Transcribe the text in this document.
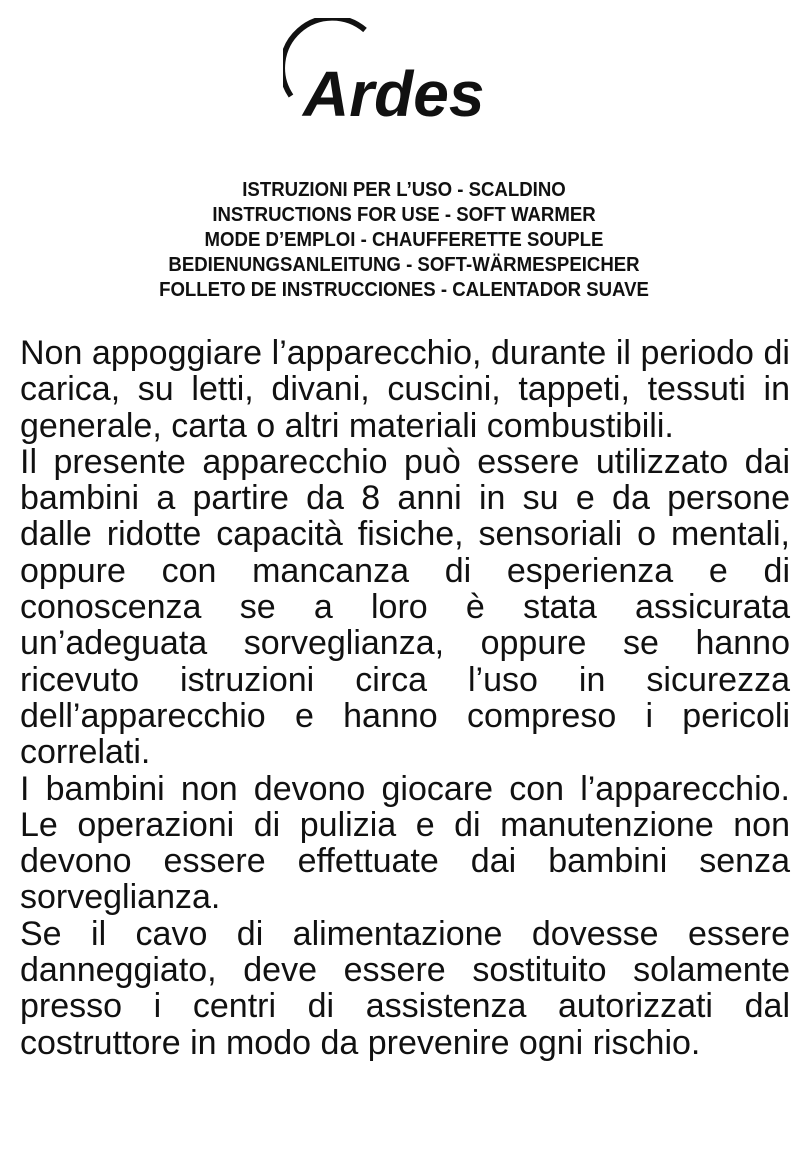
Ardes
ISTRUZIONI PER L’USO - SCALDINO
INSTRUCTIONS FOR USE - SOFT WARMER
MODE D’EMPLOI - CHAUFFERETTE SOUPLE
BEDIENUNGSANLEITUNG - SOFT-WÄRMESPEICHER
FOLLETO DE INSTRUCCIONES - CALENTADOR SUAVE

Non appoggiare l’apparecchio, durante il periodo di carica, su letti, divani, cuscini, tappeti, tessuti in generale, carta o altri materiali combustibili.

Il presente apparecchio può essere utilizzato dai bambini a partire da 8 anni in su e da persone dalle ridotte capacità fisiche, sensoriali o mentali, oppure con mancanza di esperienza e di conoscenza se a loro è stata assicurata un’adeguata sorveglianza, oppure se hanno ricevuto istruzioni circa l’uso in sicurezza dell’apparecchio e hanno compreso i pericoli correlati.

I bambini non devono giocare con l’apparecchio. Le operazioni di pulizia e di manutenzione non devono essere effettuate dai bambini senza sorveglianza.

Se il cavo di alimentazione dovesse essere danneggiato, deve essere sostituito solamente presso i centri di assistenza autorizzati dal costruttore in modo da prevenire ogni rischio.
